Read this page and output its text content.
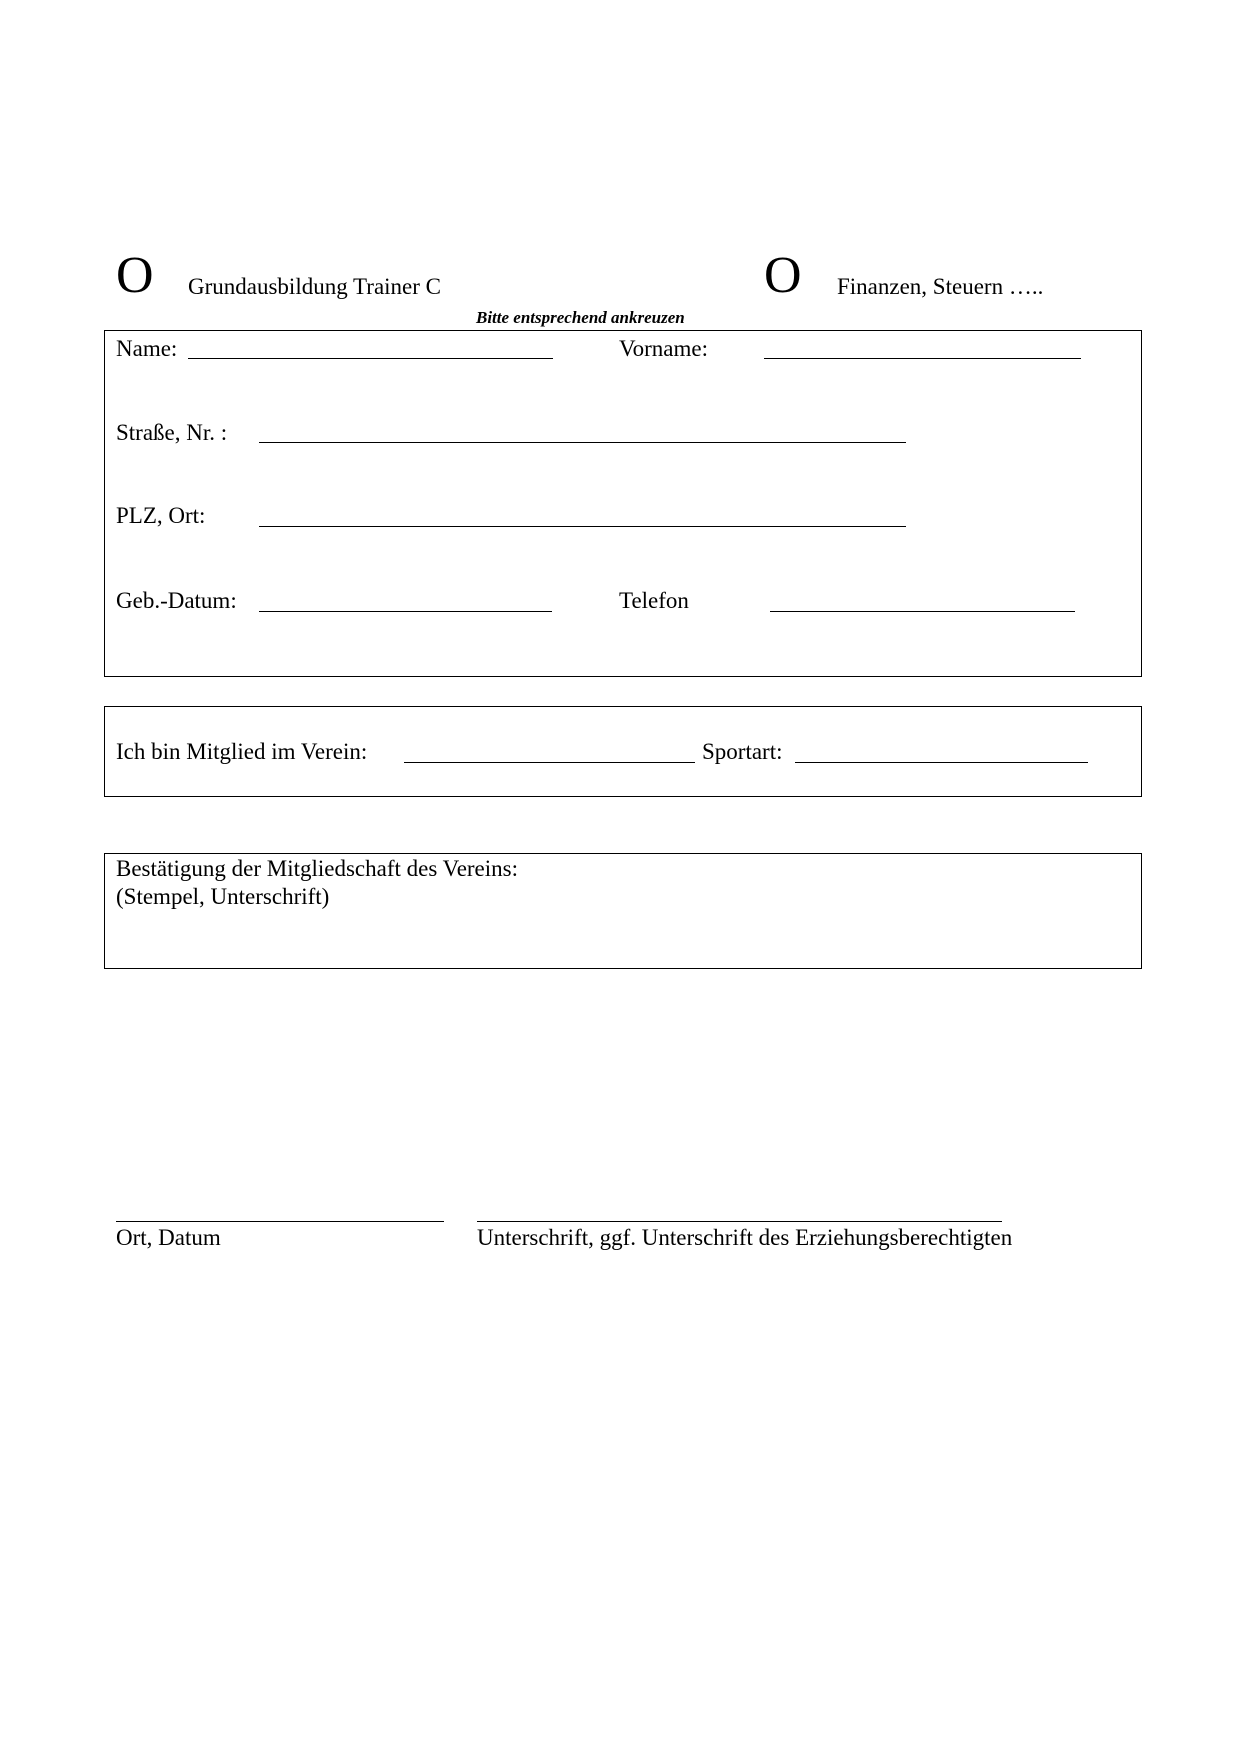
O Grundausbildung Trainer C	O Finanzen, Steuern …..
Bitte entsprechend ankreuzen
Name:	Vorname:
Straße, Nr. :
PLZ, Ort:
Geb.-Datum:	Telefon
Ich bin Mitglied im Verein:	Sportart:
Bestätigung der Mitgliedschaft des Vereins:
(Stempel, Unterschrift)
Ort, Datum	Unterschrift, ggf. Unterschrift des Erziehungsberechtigten
